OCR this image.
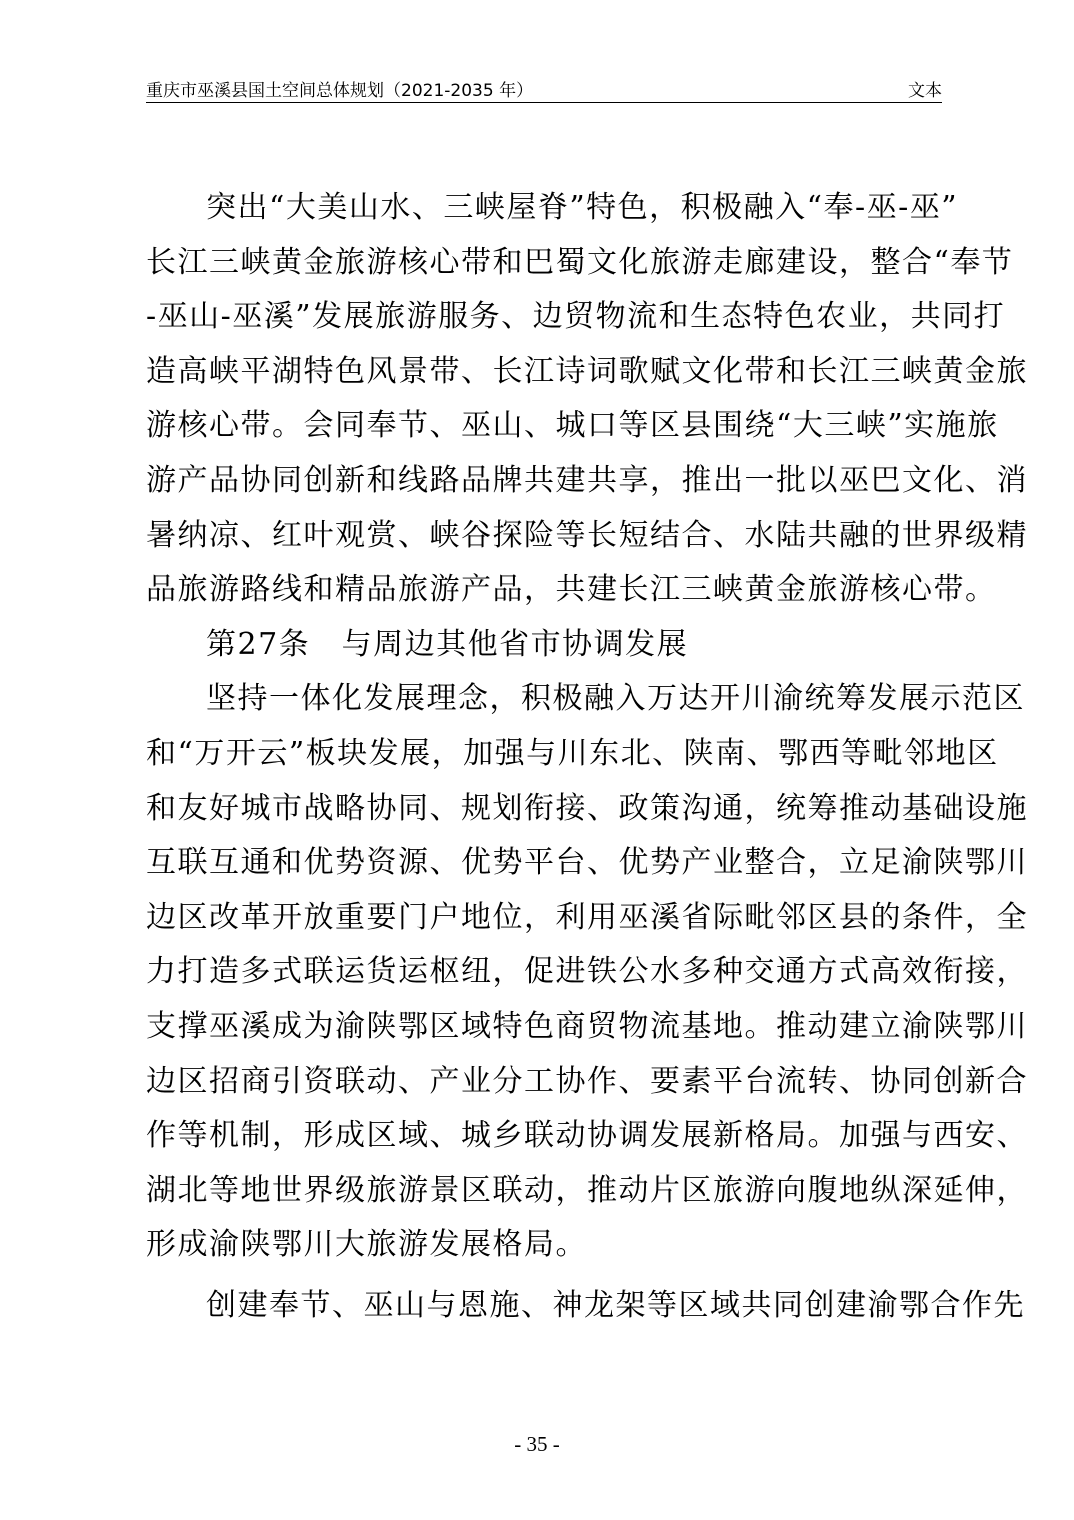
重庆市巫溪县国土空间总体规划（2021-2035 年）	文本
突出“大美山水、三峡屋脊”特色，积极融入“奉-巫-巫”
长江三峡黄金旅游核心带和巴蜀文化旅游走廊建设，整合“奉节
-巫山-巫溪”发展旅游服务、边贸物流和生态特色农业，共同打
造高峡平湖特色风景带、长江诗词歌赋文化带和长江三峡黄金旅
游核心带。会同奉节、巫山、城口等区县围绕“大三峡”实施旅
游产品协同创新和线路品牌共建共享，推出一批以巫巴文化、消
暑纳凉、红叶观赏、峡谷探险等长短结合、水陆共融的世界级精
品旅游路线和精品旅游产品，共建长江三峡黄金旅游核心带。
第27条　与周边其他省市协调发展
坚持一体化发展理念，积极融入万达开川渝统筹发展示范区
和“万开云”板块发展，加强与川东北、陕南、鄂西等毗邻地区
和友好城市战略协同、规划衔接、政策沟通，统筹推动基础设施
互联互通和优势资源、优势平台、优势产业整合，立足渝陕鄂川
边区改革开放重要门户地位，利用巫溪省际毗邻区县的条件，全
力打造多式联运货运枢纽，促进铁公水多种交通方式高效衔接，
支撑巫溪成为渝陕鄂区域特色商贸物流基地。推动建立渝陕鄂川
边区招商引资联动、产业分工协作、要素平台流转、协同创新合
作等机制，形成区域、城乡联动协调发展新格局。加强与西安、
湖北等地世界级旅游景区联动，推动片区旅游向腹地纵深延伸，
形成渝陕鄂川大旅游发展格局。
创建奉节、巫山与恩施、神龙架等区域共同创建渝鄂合作先
- 35 -
